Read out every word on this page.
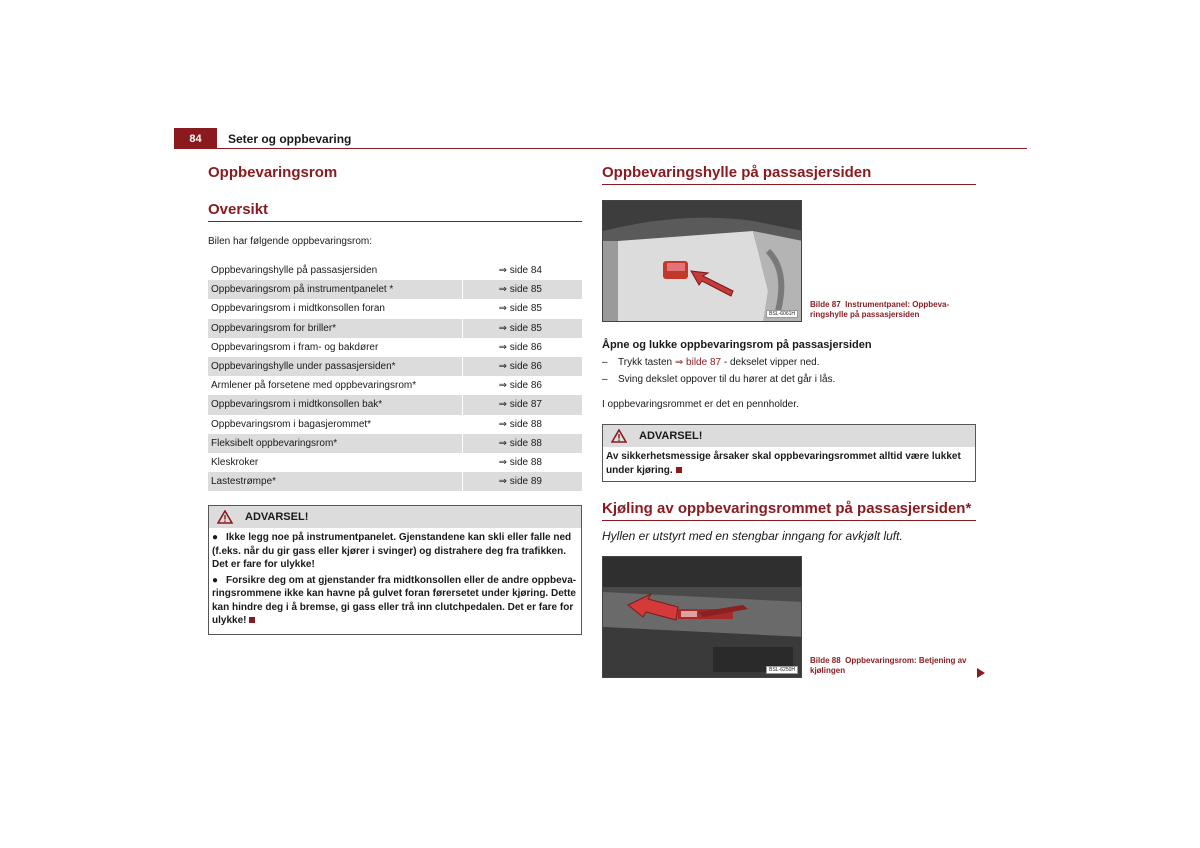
84	Seter og oppbevaring
Oppbevaringsrom
Oversikt
Bilen har følgende oppbevaringsrom:
Oppbevaringshylle på passasjersiden	⇒ side 84
Oppbevaringsrom på instrumentpanelet *	⇒ side 85
Oppbevaringsrom i midtkonsollen foran	⇒ side 85
Oppbevaringsrom for briller*	⇒ side 85
Oppbevaringsrom i fram- og bakdører	⇒ side 86
Oppbevaringshylle under passasjersiden*	⇒ side 86
Armlener på forsetene med oppbevaringsrom*	⇒ side 86
Oppbevaringsrom i midtkonsollen bak*	⇒ side 87
Oppbevaringsrom i bagasjerommet*	⇒ side 88
Fleksibelt oppbevaringsrom*	⇒ side 88
Kleskroker	⇒ side 88
Lastestrømpe*	⇒ side 89
ADVARSEL!

● Ikke legg noe på instrumentpanelet. Gjenstandene kan skli eller falle ned (f.eks. når du gir gass eller kjører i svinger) og distrahere deg fra trafikken. Det er fare for ulykke!

● Forsikre deg om at gjenstander fra midtkonsollen eller de andre oppbeva-ringsrommene ikke kan havne på gulvet foran førersetet under kjøring. Dette kan hindre deg i å bremse, gi gass eller trå inn clutchpedalen. Det er fare for ulykke!

Oppbevaringshylle på passasjersiden
BSL-6061H
Åpne og lukke oppbevaringsrom på passasjersiden
– Trykk tasten ⇒ bilde 87 - dekselet vipper ned.
– Sving dekslet oppover til du hører at det går i lås.
I oppbevaringsrommet er det en pennholder.
ADVARSEL!
Av sikkerhetsmessige årsaker skal oppbevaringsrommet alltid være lukket under kjøring.
Kjøling av oppbevaringsrommet på passasjersiden*
Hyllen er utstyrt med en stengbar inngang for avkjølt luft.
BSL-6250H
Bilde 87 Instrumentpanel: Oppbeva-ringshylle på passasjersiden
Bilde 88 Oppbevaringsrom: Betjening av kjølingen
